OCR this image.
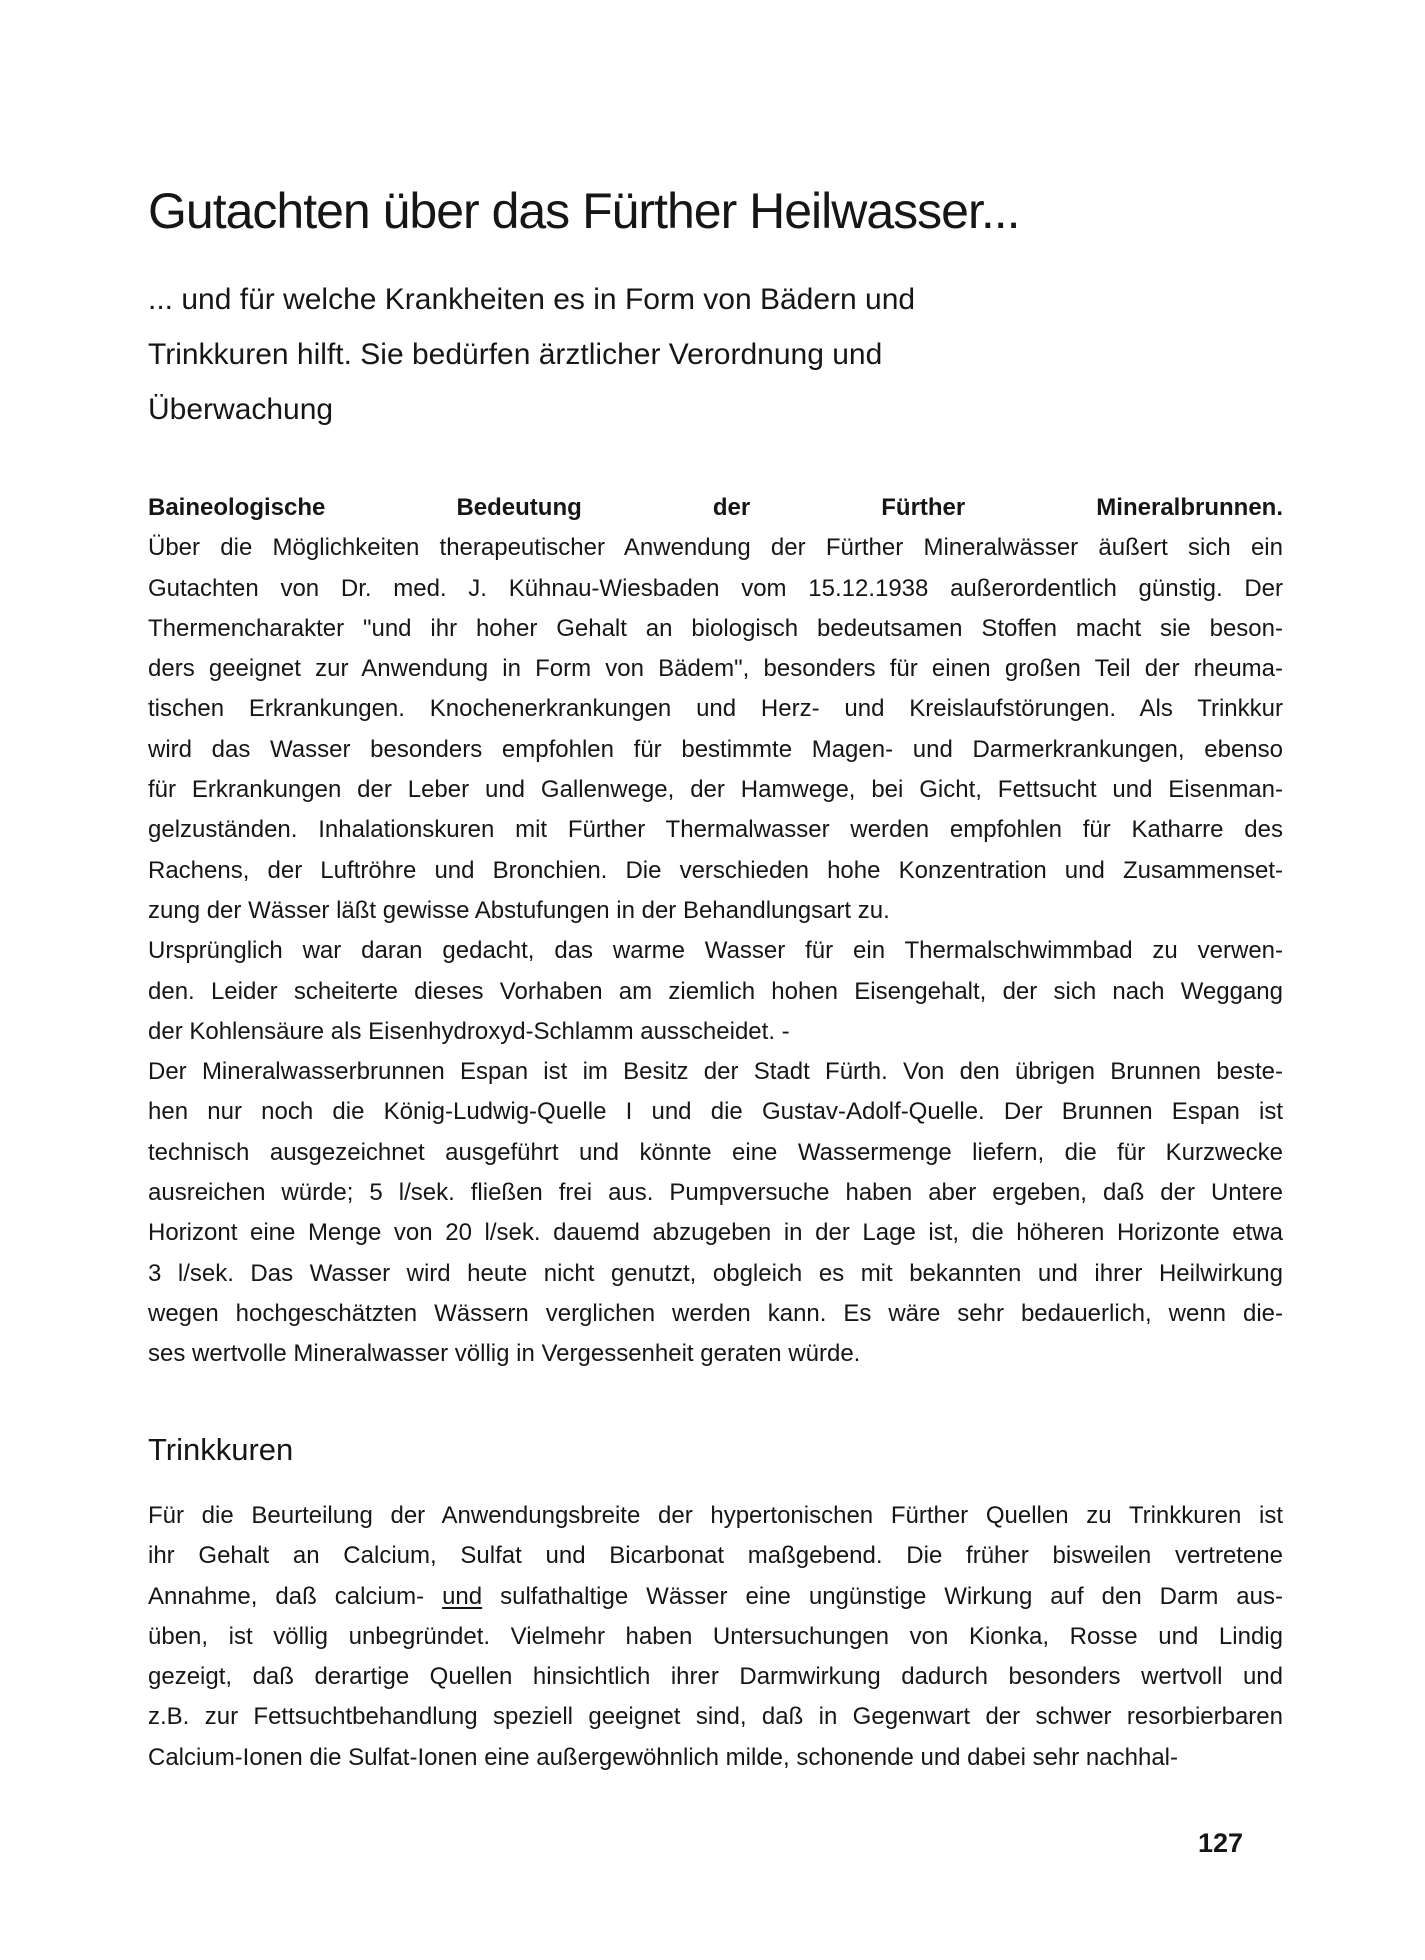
Gutachten über das Fürther Heilwasser...
... und für welche Krankheiten es in Form von Bädern und
Trinkkuren hilft. Sie bedürfen ärztlicher Verordnung und
Überwachung
Baineologische Bedeutung der Fürther Mineralbrunnen.
Über die Möglichkeiten therapeutischer Anwendung der Fürther Mineralwässer äußert sich ein
Gutachten von Dr. med. J. Kühnau-Wiesbaden vom 15.12.1938 außerordentlich günstig. Der
Thermencharakter "und ihr hoher Gehalt an biologisch bedeutsamen Stoffen macht sie beson-
ders geeignet zur Anwendung in Form von Bädem", besonders für einen großen Teil der rheuma-
tischen Erkrankungen. Knochenerkrankungen und Herz- und Kreislaufstörungen. Als Trinkkur
wird das Wasser besonders empfohlen für bestimmte Magen- und Darmerkrankungen, ebenso
für Erkrankungen der Leber und Gallenwege, der Hamwege, bei Gicht, Fettsucht und Eisenman-
gelzuständen. Inhalationskuren mit Fürther Thermalwasser werden empfohlen für Katharre des
Rachens, der Luftröhre und Bronchien. Die verschieden hohe Konzentration und Zusammenset-
zung der Wässer läßt gewisse Abstufungen in der Behandlungsart zu.
Ursprünglich war daran gedacht, das warme Wasser für ein Thermalschwimmbad zu verwen-
den. Leider scheiterte dieses Vorhaben am ziemlich hohen Eisengehalt, der sich nach Weggang
der Kohlensäure als Eisenhydroxyd-Schlamm ausscheidet. -
Der Mineralwasserbrunnen Espan ist im Besitz der Stadt Fürth. Von den übrigen Brunnen beste-
hen nur noch die König-Ludwig-Quelle I und die Gustav-Adolf-Quelle. Der Brunnen Espan ist
technisch ausgezeichnet ausgeführt und könnte eine Wassermenge liefern, die für Kurzwecke
ausreichen würde; 5 l/sek. fließen frei aus. Pumpversuche haben aber ergeben, daß der Untere
Horizont eine Menge von 20 l/sek. dauemd abzugeben in der Lage ist, die höheren Horizonte etwa
3 l/sek. Das Wasser wird heute nicht genutzt, obgleich es mit bekannten und ihrer Heilwirkung
wegen hochgeschätzten Wässern verglichen werden kann. Es wäre sehr bedauerlich, wenn die-
ses wertvolle Mineralwasser völlig in Vergessenheit geraten würde.
Trinkkuren
Für die Beurteilung der Anwendungsbreite der hypertonischen Fürther Quellen zu Trinkkuren ist
ihr Gehalt an Calcium, Sulfat und Bicarbonat maßgebend. Die früher bisweilen vertretene
Annahme, daß calcium- und sulfathaltige Wässer eine ungünstige Wirkung auf den Darm aus-
üben, ist völlig unbegründet. Vielmehr haben Untersuchungen von Kionka, Rosse und Lindig
gezeigt, daß derartige Quellen hinsichtlich ihrer Darmwirkung dadurch besonders wertvoll und
z.B. zur Fettsuchtbehandlung speziell geeignet sind, daß in Gegenwart der schwer resorbierbaren
Calcium-Ionen die Sulfat-Ionen eine außergewöhnlich milde, schonende und dabei sehr nachhal-
127
